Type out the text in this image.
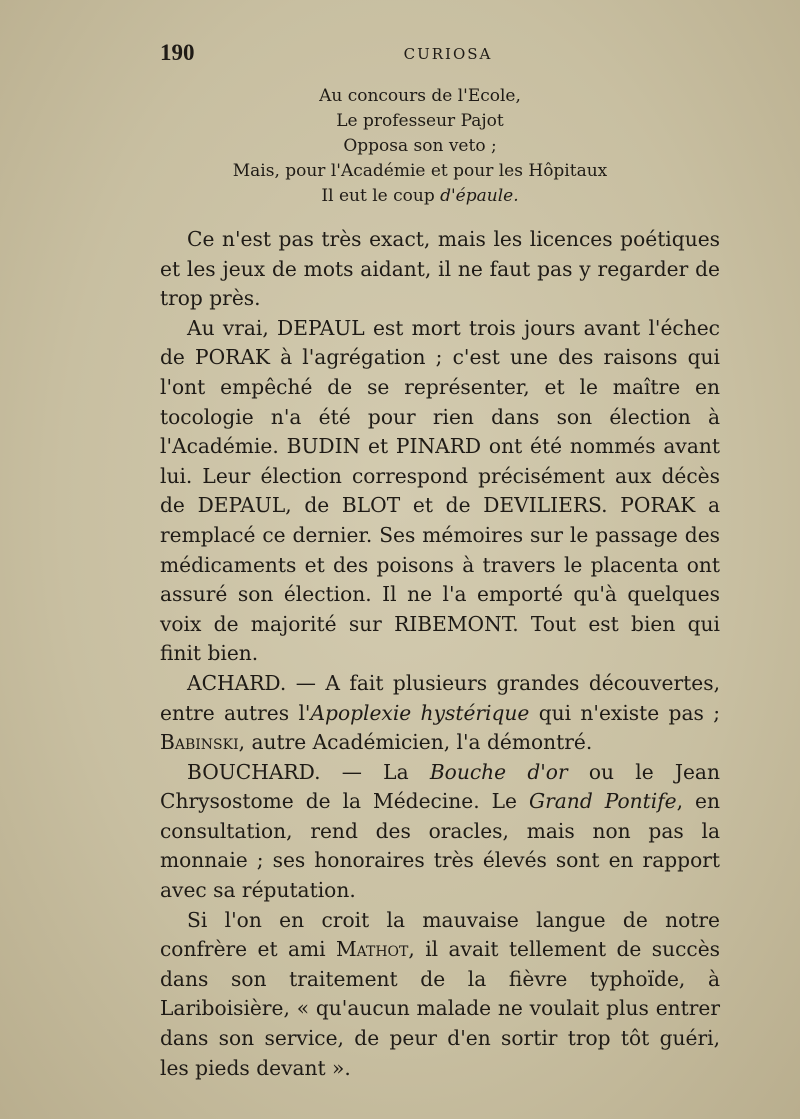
190	CURIOSA
Au concours de l'Ecole,
Le professeur Pajot
Opposa son veto ;
Mais, pour l'Académie et pour les Hôpitaux
Il eut le coup d'épaule.

Ce n'est pas très exact, mais les licences poétiques et les jeux de mots aidant, il ne faut pas y regarder de trop près.

Au vrai, DEPAUL est mort trois jours avant l'échec de PORAK à l'agrégation ; c'est une des raisons qui l'ont empêché de se représenter, et le maître en tocologie n'a été pour rien dans son élection à l'Académie. BUDIN et PINARD ont été nommés avant lui. Leur élection correspond précisément aux décès de DEPAUL, de BLOT et de DEVILIERS. PORAK a remplacé ce dernier. Ses mémoires sur le passage des médicaments et des poisons à travers le placenta ont assuré son élection. Il ne l'a emporté qu'à quelques voix de majorité sur RIBEMONT. Tout est bien qui finit bien.

ACHARD. — A fait plusieurs grandes découvertes, entre autres l'Apoplexie hystérique qui n'existe pas ; Babinski, autre Académicien, l'a démontré.

BOUCHARD. — La Bouche d'or ou le Jean Chrysostome de la Médecine. Le Grand Pontife, en consultation, rend des oracles, mais non pas la monnaie ; ses honoraires très élevés sont en rapport avec sa réputation.

Si l'on en croit la mauvaise langue de notre confrère et ami Mathot, il avait tellement de succès dans son traitement de la fièvre typhoïde, à Lariboisière, « qu'aucun malade ne voulait plus entrer dans son service, de peur d'en sortir trop tôt guéri, les pieds devant ».
